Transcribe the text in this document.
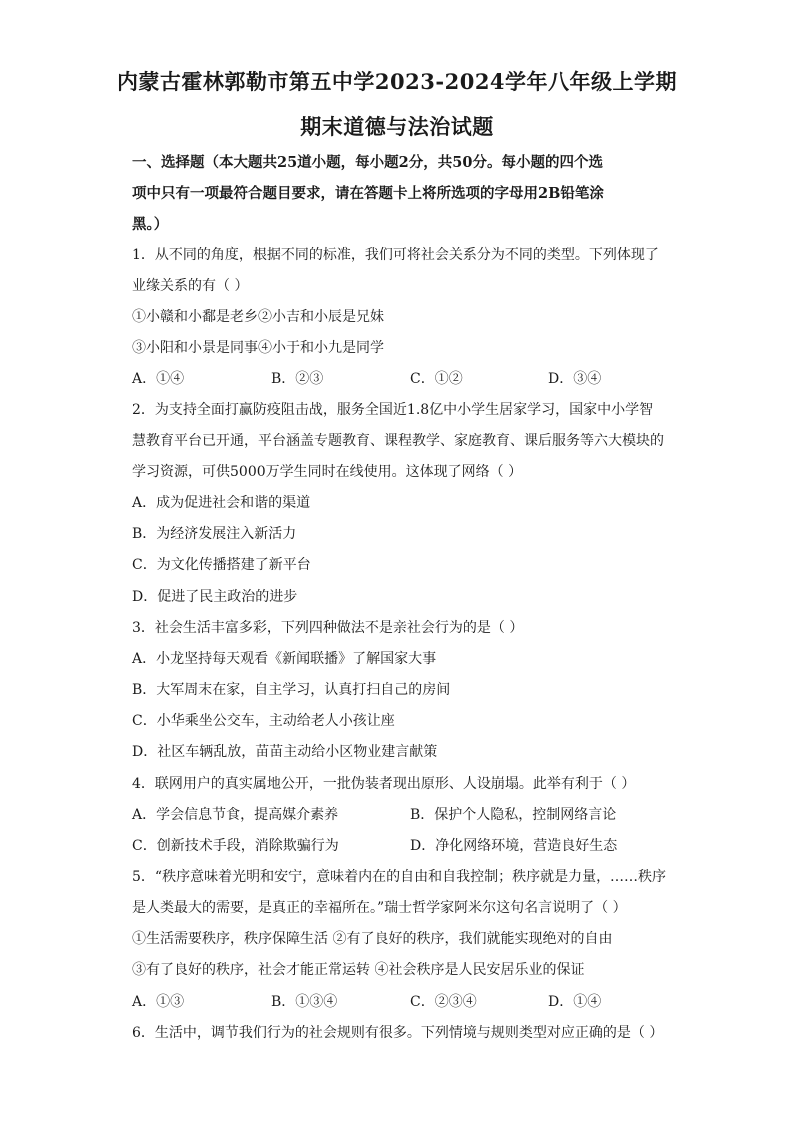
内蒙古霍林郭勒市第五中学2023-2024学年八年级上学期
期末道德与法治试题
一、选择题（本大题共25道小题，每小题2分，共50分。每小题的四个选
项中只有一项最符合题目要求，请在答题卡上将所选项的字母用2B铅笔涂
黑。）
1．从不同的角度，根据不同的标准，我们可将社会关系分为不同的类型。下列体现了
业缘关系的有（ ）
①小赣和小鄱是老乡②小吉和小辰是兄妹
③小阳和小景是同事④小于和小九是同学
A．①④	B．②③	C．①②	D．③④
2．为支持全面打赢防疫阻击战，服务全国近1.8亿中小学生居家学习，国家中小学智
慧教育平台已开通，平台涵盖专题教育、课程教学、家庭教育、课后服务等六大模块的
学习资源，可供5000万学生同时在线使用。这体现了网络（ ）
A．成为促进社会和谐的渠道
B．为经济发展注入新活力
C．为文化传播搭建了新平台
D．促进了民主政治的进步
3．社会生活丰富多彩，下列四种做法不是亲社会行为的是（ ）
A．小龙坚持每天观看《新闻联播》了解国家大事
B．大军周末在家，自主学习，认真打扫自己的房间
C．小华乘坐公交车，主动给老人小孩让座
D．社区车辆乱放，苗苗主动给小区物业建言献策
4．联网用户的真实属地公开，一批伪装者现出原形、人设崩塌。此举有利于（ ）
A．学会信息节食，提高媒介素养	B．保护个人隐私，控制网络言论
C．创新技术手段，消除欺骗行为	D．净化网络环境，营造良好生态
5．“秩序意味着光明和安宁，意味着内在的自由和自我控制；秩序就是力量，……秩序
是人类最大的需要，是真正的幸福所在。”瑞士哲学家阿米尔这句名言说明了（ ）
①生活需要秩序，秩序保障生活 ②有了良好的秩序，我们就能实现绝对的自由
③有了良好的秩序，社会才能正常运转 ④社会秩序是人民安居乐业的保证
A．①③	B．①③④	C．②③④	D．①④
6．生活中，调节我们行为的社会规则有很多。下列情境与规则类型对应正确的是（ ）
